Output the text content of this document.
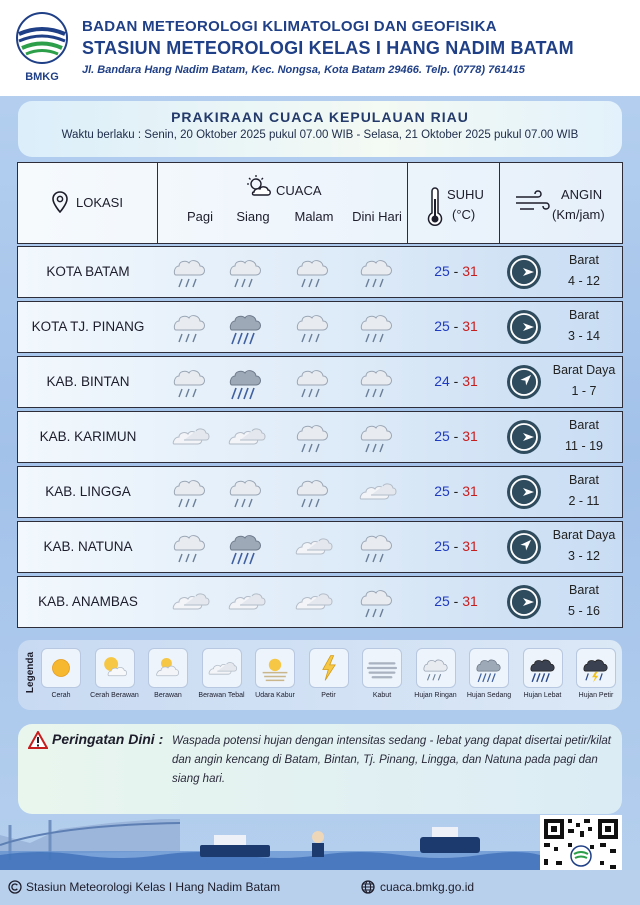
BMKG
BADAN METEOROLOGI KLIMATOLOGI DAN GEOFISIKA
STASIUN METEOROLOGI KELAS I HANG NADIM BATAM
Jl. Bandara Hang Nadim Batam, Kec. Nongsa, Kota Batam 29466. Telp. (0778) 761415
PRAKIRAAN CUACA KEPULAUAN RIAU
Waktu berlaku : Senin, 20 Oktober 2025 pukul 07.00 WIB - Selasa, 21 Oktober 2025 pukul 07.00 WIB
LOKASI
CUACA
Pagi	Siang	Malam	Dini Hari
SUHU
(°C)
ANGIN
(Km/jam)
KOTA BATAM	25 - 31
Barat
4 - 12
KOTA TJ. PINANG	25 - 31
Barat
3 - 14
KAB. BINTAN	24 - 31
Barat Daya
1 - 7
KAB. KARIMUN	25 - 31
Barat
11 - 19
KAB. LINGGA	25 - 31
Barat
2 - 11
KAB. NATUNA	25 - 31
Barat Daya
3 - 12
KAB. ANAMBAS	25 - 31
Barat
5 - 16
Legenda
Cerah	Cerah Berawan	Berawan	Berawan Tebal	Udara Kabur	Petir	Kabut	Hujan Ringan	Hujan Sedang	Hujan Lebat	Hujan Petir
Peringatan Dini : Waspada potensi hujan dengan intensitas sedang - lebat yang dapat disertai petir/kilat dan angin kencang di Batam, Bintan, Tj. Pinang, Lingga, dan Natuna pada pagi dan siang hari.
Stasiun Meteorologi Kelas I Hang Nadim Batam	cuaca.bmkg.go.id
